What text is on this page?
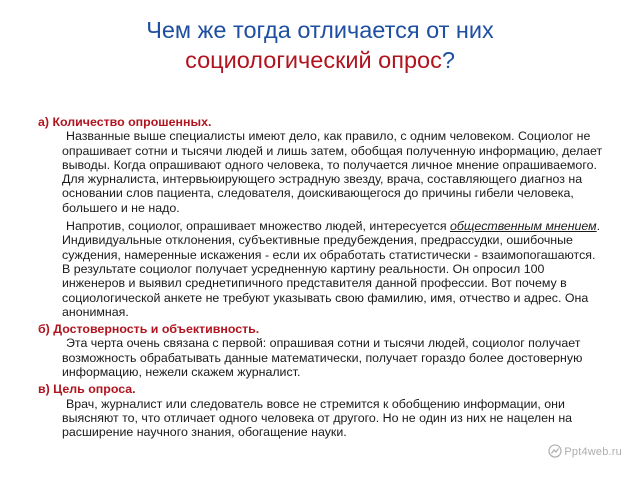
Чем же тогда отличается от них
социологический опрос?

а) Количество опрошенных.

Названные выше специалисты имеют дело, как правило, с одним человеком. Социолог не опрашивает сотни и тысячи людей и лишь затем, обобщая полученную информацию, делает выводы. Когда опрашивают одного человека, то получается личное мнение опрашиваемого. Для журналиста, интервьюирующего эстрадную звезду, врача, составляющего диагноз на основании слов пациента, следователя, доискивающегося до причины гибели человека, большего и не надо.

Напротив, социолог, опрашивает множество людей, интересуется общественным мнением. Индивидуальные отклонения, субъективные предубеждения, предрассудки, ошибочные суждения, намеренные искажения - если их обработать статистически - взаимопогашаются. В результате социолог получает усредненную картину реальности. Он опросил 100 инженеров и выявил среднетипичного представителя данной профессии. Вот почему в социологической анкете не требуют указывать свою фамилию, имя, отчество и адрес. Она анонимная.

б) Достоверность и объективность.

Эта черта очень связана с первой: опрашивая сотни и тысячи людей, социолог получает возможность обрабатывать данные математически, получает гораздо более достоверную информацию, нежели скажем журналист.

в) Цель опроса.

Врач, журналист или следователь вовсе не стремится к обобщению информации, они выясняют то, что отличает одного человека от другого. Но не один из них не нацелен на расширение научного знания, обогащение науки.

Ppt4web.ru
